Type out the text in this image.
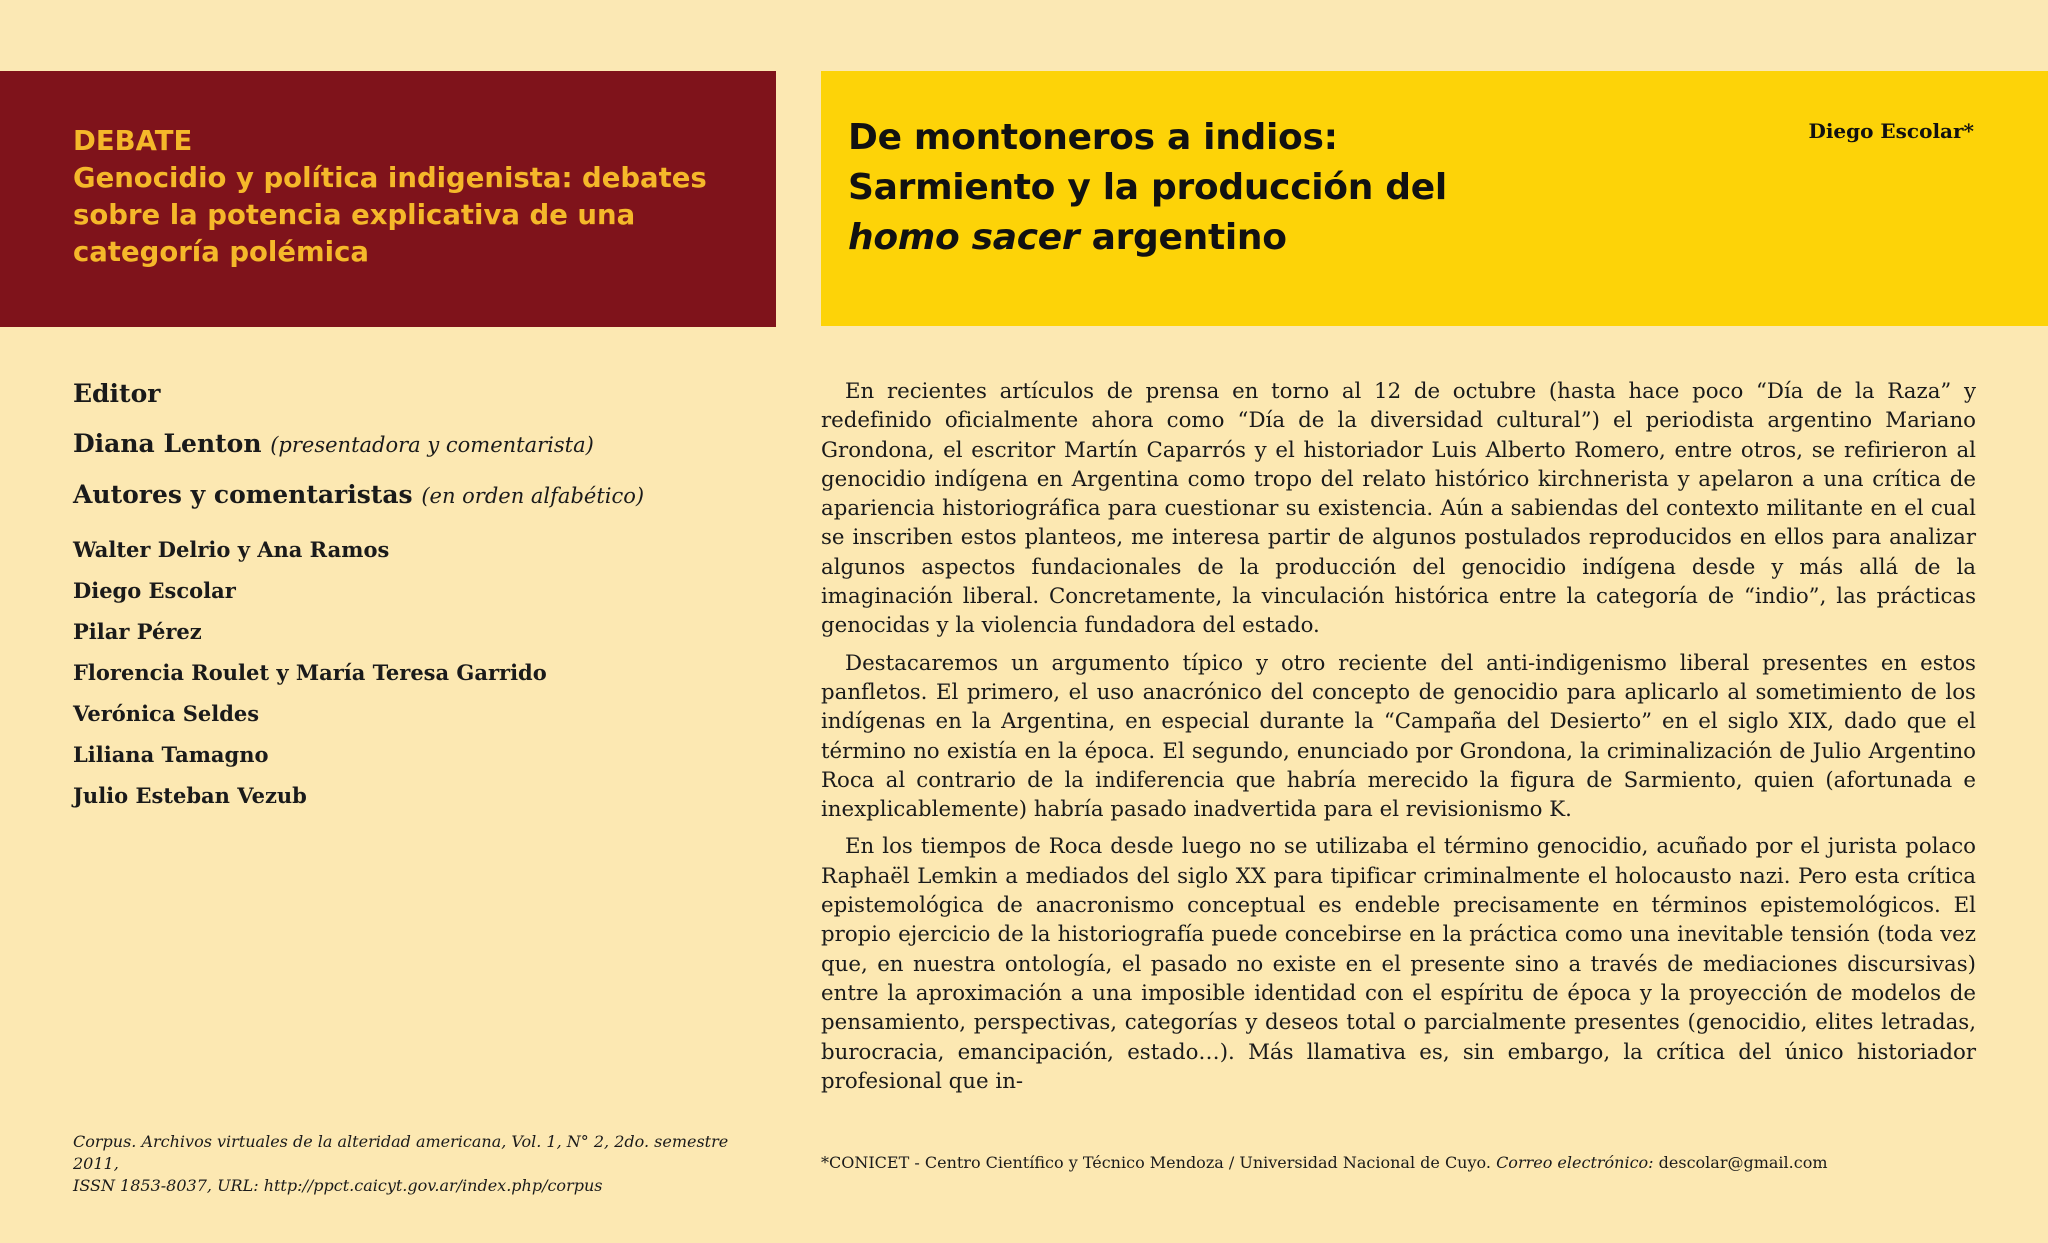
DEBATE

Genocidio y política indigenista: debates
sobre la potencia explicativa de una
categoría polémica

De montoneros a indios:
Sarmiento y la producción del
homo sacer argentino
Diego Escolar*

Editor

Diana Lenton (presentadora y comentarista)

Autores y comentaristas (en orden alfabético)

Walter Delrio y Ana Ramos
Diego Escolar
Pilar Pérez
Florencia Roulet y María Teresa Garrido
Verónica Seldes
Liliana Tamagno
Julio Esteban Vezub

En recientes artículos de prensa en torno al 12 de octubre (hasta hace poco “Día de la Raza” y redefinido oficialmente ahora como “Día de la diversidad cultural”) el periodista argentino Mariano Grondona, el escritor Martín Caparrós y el historiador Luis Alberto Romero, entre otros, se refirieron al genocidio indígena en Argentina como tropo del relato histórico kirchnerista y apelaron a una crítica de apariencia historiográfica para cuestionar su existencia. Aún a sabiendas del contexto militante en el cual se inscriben estos planteos, me interesa partir de algunos postulados reproducidos en ellos para analizar algunos aspectos fundacionales de la producción del genocidio indígena desde y más allá de la imaginación liberal. Concretamente, la vinculación histórica entre la categoría de “indio”, las prácticas genocidas y la violencia fundadora del estado.

Destacaremos un argumento típico y otro reciente del anti-indigenismo liberal presentes en estos panfletos. El primero, el uso anacrónico del concepto de genocidio para aplicarlo al sometimiento de los indígenas en la Argentina, en especial durante la “Campaña del Desierto” en el siglo XIX, dado que el término no existía en la época. El segundo, enunciado por Grondona, la criminalización de Julio Argentino Roca al contrario de la indiferencia que habría merecido la figura de Sarmiento, quien (afortunada e inexplicablemente) habría pasado inadvertida para el revisionismo K.

En los tiempos de Roca desde luego no se utilizaba el término genocidio, acuñado por el jurista polaco Raphaël Lemkin a mediados del siglo XX para tipificar criminalmente el holocausto nazi. Pero esta crítica epistemológica de anacronismo conceptual es endeble precisamente en términos epistemológicos. El propio ejercicio de la historiografía puede concebirse en la práctica como una inevitable tensión (toda vez que, en nuestra ontología, el pasado no existe en el presente sino a través de mediaciones discursivas) entre la aproximación a una imposible identidad con el espíritu de época y la proyección de modelos de pensamiento, perspectivas, categorías y deseos total o parcialmente presentes (genocidio, elites letradas, burocracia, emancipación, estado…). Más llamativa es, sin embargo, la crítica del único historiador profesional que in-

Corpus. Archivos virtuales de la alteridad americana, Vol. 1, N° 2, 2do. semestre 2011,
ISSN 1853-8037, URL: http://ppct.caicyt.gov.ar/index.php/corpus
*CONICET - Centro Científico y Técnico Mendoza / Universidad Nacional de Cuyo. Correo electrónico: descolar@gmail.com
